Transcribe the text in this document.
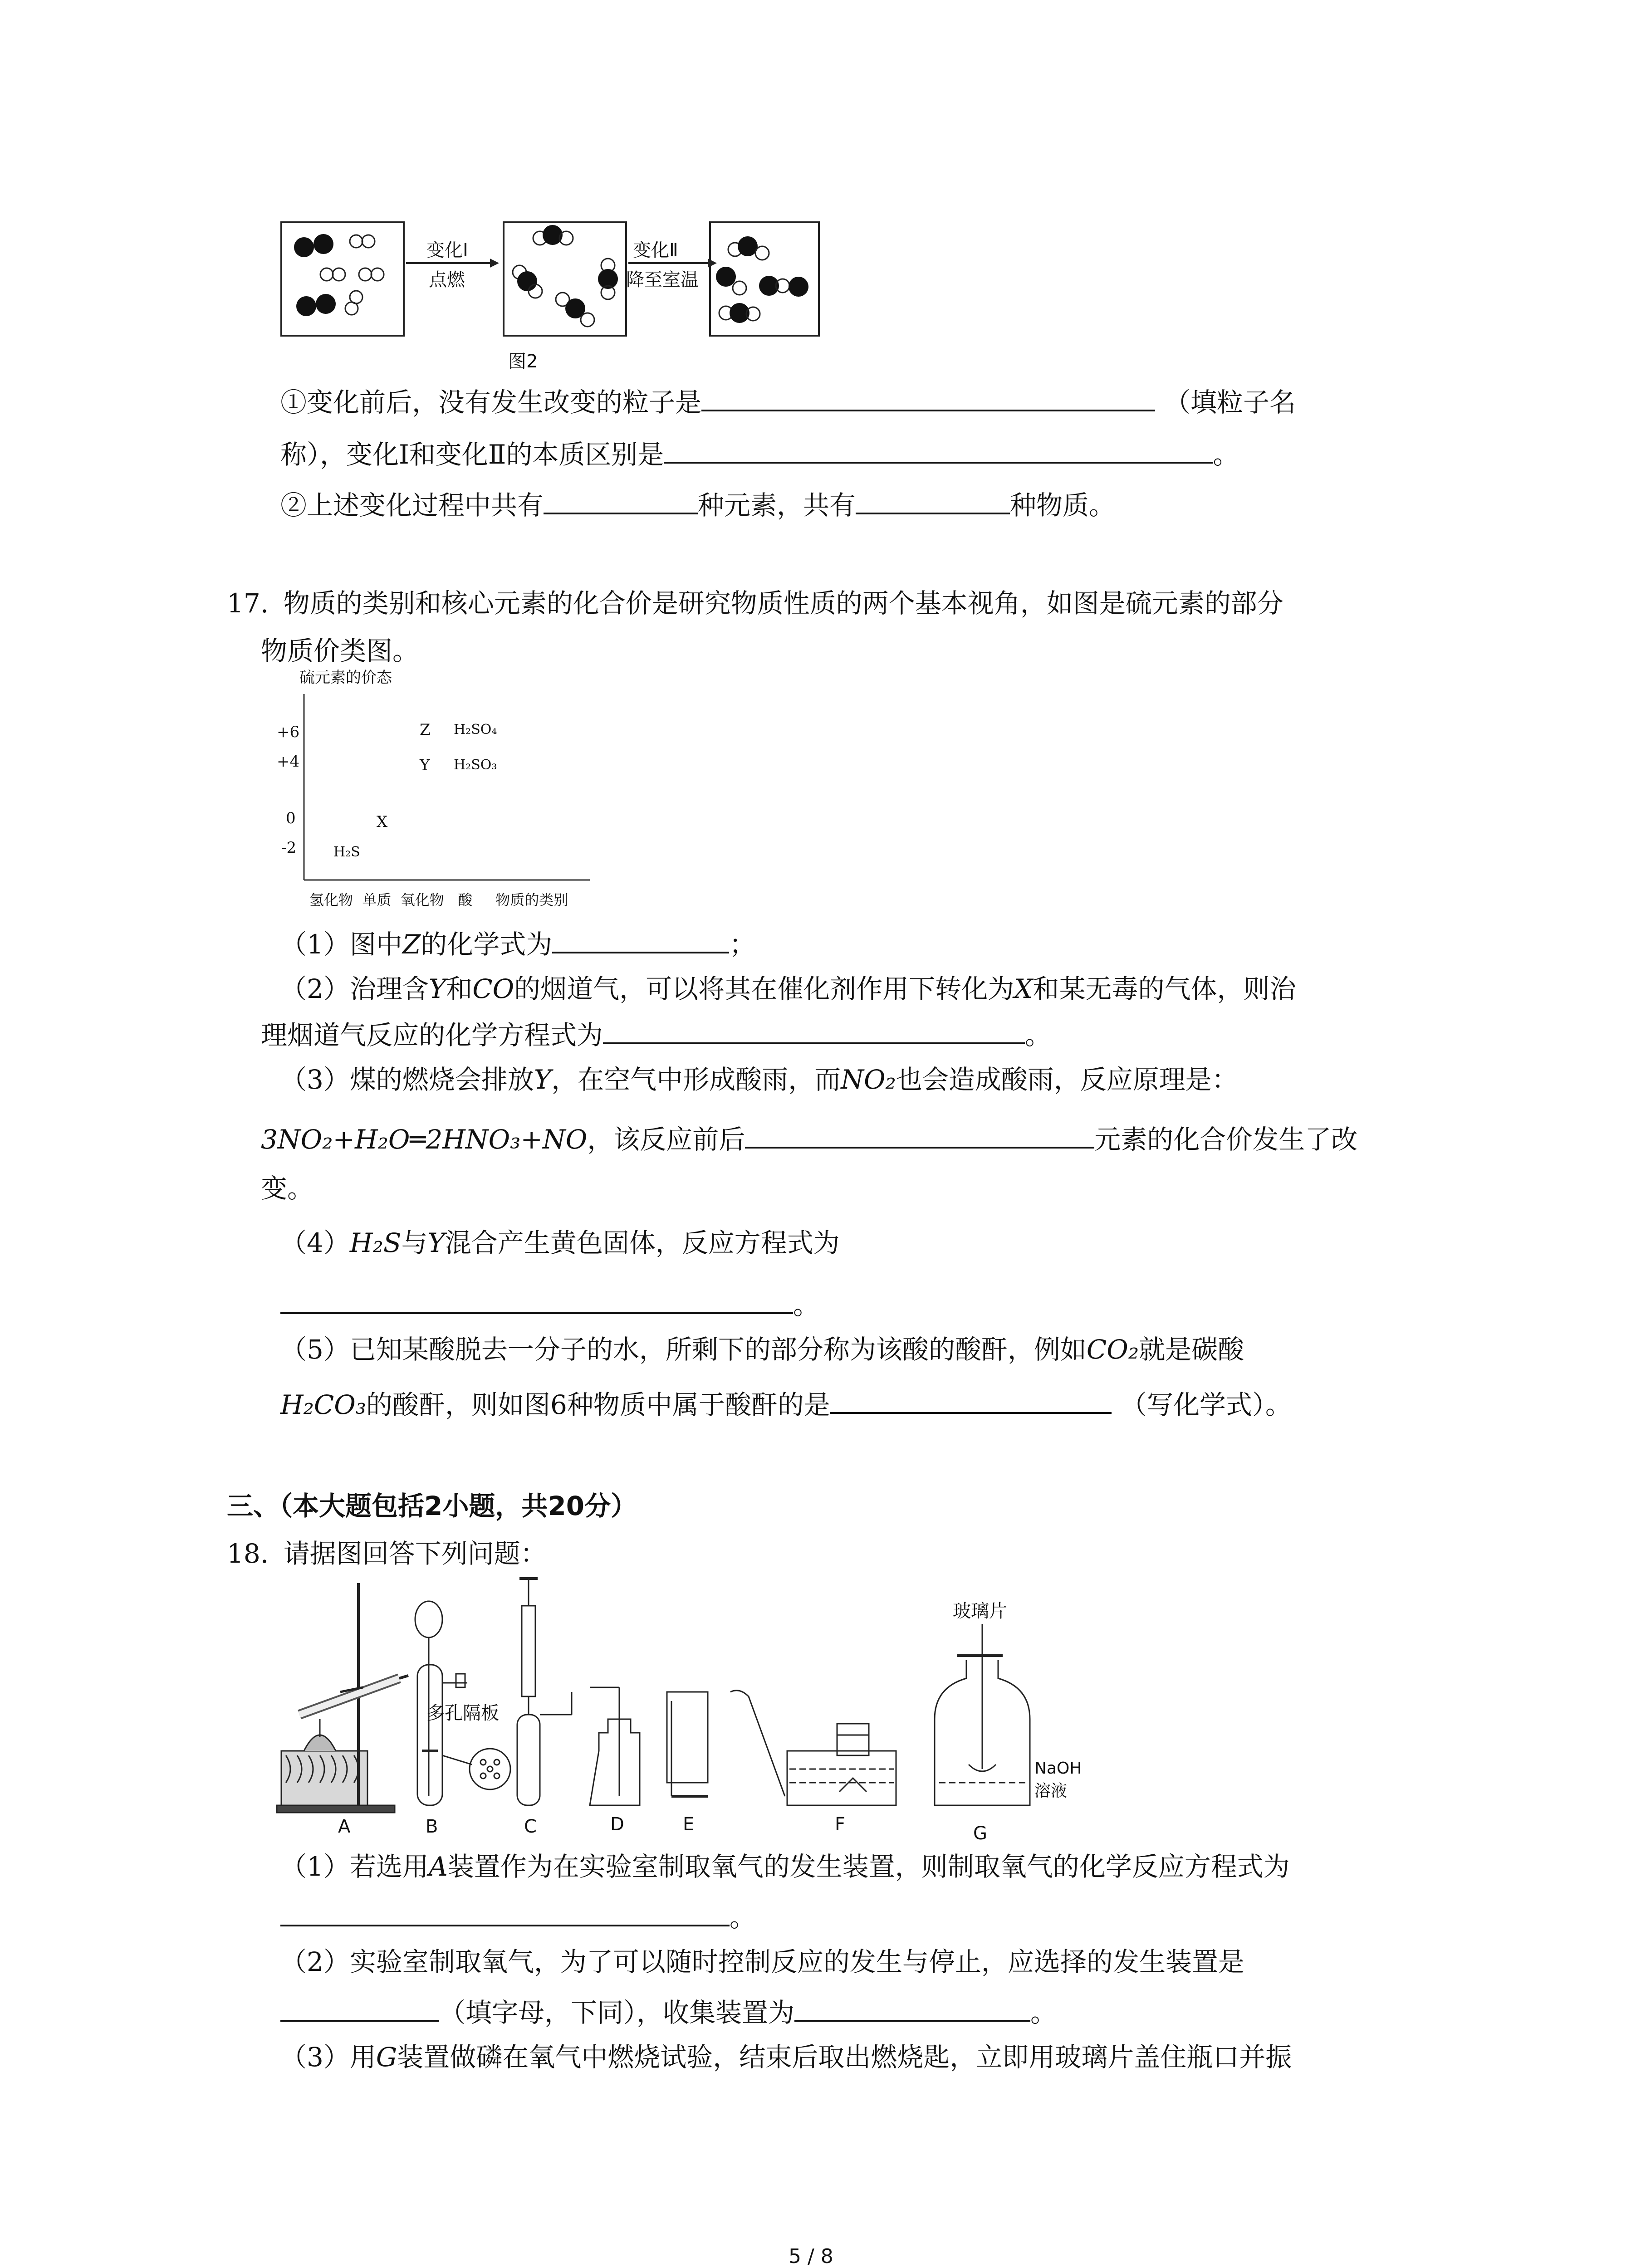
变化Ⅰ
点燃
变化Ⅱ
降至室温
图2
①变化前后，没有发生改变的粒子是	（填粒子名
称），变化Ⅰ和变化Ⅱ的本质区别是	。
②上述变化过程中共有	种元素，共有	种物质。
17. 物质的类别和核心元素的化合价是研究物质性质的两个基本视角，如图是硫元素的部分
物质价类图。
硫元素的价态
+6
+4
0
-2
Z H₂SO₄
Y H₂SO₃
X
H₂S
氢化物  单质  氧化物   酸     物质的类别
（1）图中Z的化学式为	；
（2）治理含Y和CO的烟道气，可以将其在催化剂作用下转化为X和某无毒的气体，则治
理烟道气反应的化学方程式为	。
（3）煤的燃烧会排放Y，在空气中形成酸雨，而NO₂也会造成酸雨，反应原理是：
3NO₂+H₂O═2HNO₃+NO，该反应前后	元素的化合价发生了改
变。
（4）H₂S与Y混合产生黄色固体，反应方程式为
。
（5）已知某酸脱去一分子的水，所剩下的部分称为该酸的酸酐，例如CO₂就是碳酸
H₂CO₃的酸酐，则如图6种物质中属于酸酐的是	（写化学式）。
三、（本大题包括2小题，共20分）
18. 请据图回答下列问题：
多孔隔板
玻璃片
NaOH
溶液
A	B	C	D	E	F	G
（1）若选用A装置作为在实验室制取氧气的发生装置，则制取氧气的化学反应方程式为
。
（2）实验室制取氧气，为了可以随时控制反应的发生与停止，应选择的发生装置是
（填字母，下同），收集装置为	。
（3）用G装置做磷在氧气中燃烧试验，结束后取出燃烧匙，立即用玻璃片盖住瓶口并振
5 / 8
